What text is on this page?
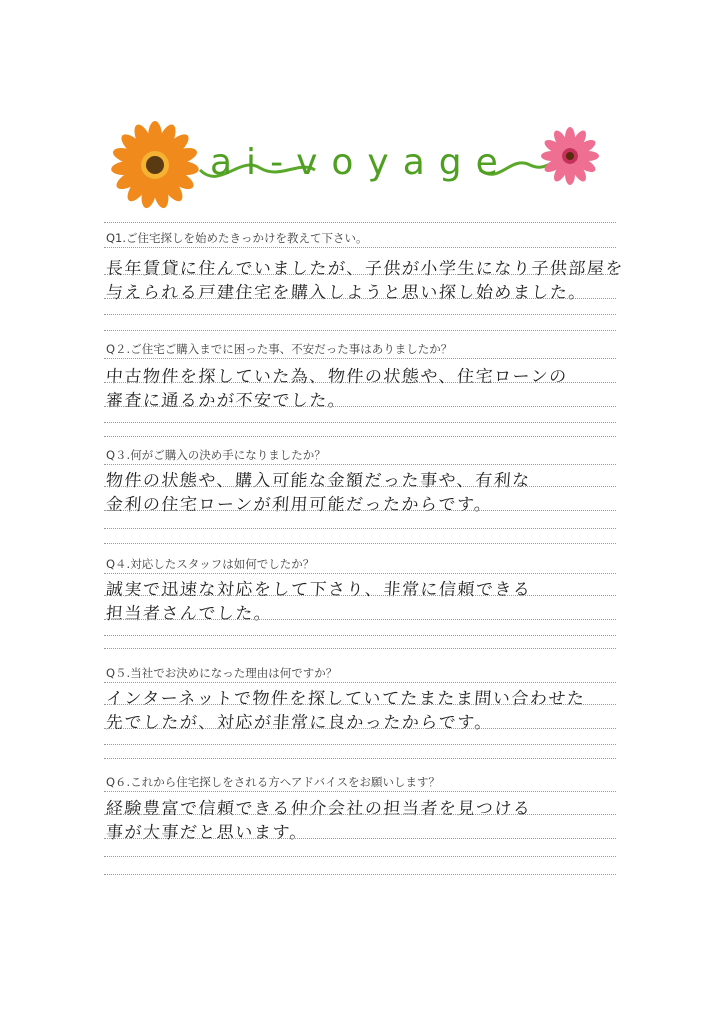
ai-voyage
Q1.ご住宅探しを始めたきっかけを教えて下さい。
長年賃貸に住んでいましたが、子供が小学生になり子供部屋を
与えられる戸建住宅を購入しようと思い探し始めました。
Q２.ご住宅ご購入までに困った事、不安だった事はありましたか？
中古物件を探していた為、物件の状態や、住宅ローンの
審査に通るかが不安でした。
Q３.何がご購入の決め手になりましたか？
物件の状態や、購入可能な金額だった事や、有利な
金利の住宅ローンが利用可能だったからです。
Q４.対応したスタッフは如何でしたか？
誠実で迅速な対応をして下さり、非常に信頼できる
担当者さんでした。
Q５.当社でお決めになった理由は何ですか？
インターネットで物件を探していてたまたま問い合わせた
先でしたが、対応が非常に良かったからです。
Q６.これから住宅探しをされる方へアドバイスをお願いします？
経験豊富で信頼できる仲介会社の担当者を見つける
事が大事だと思います。
